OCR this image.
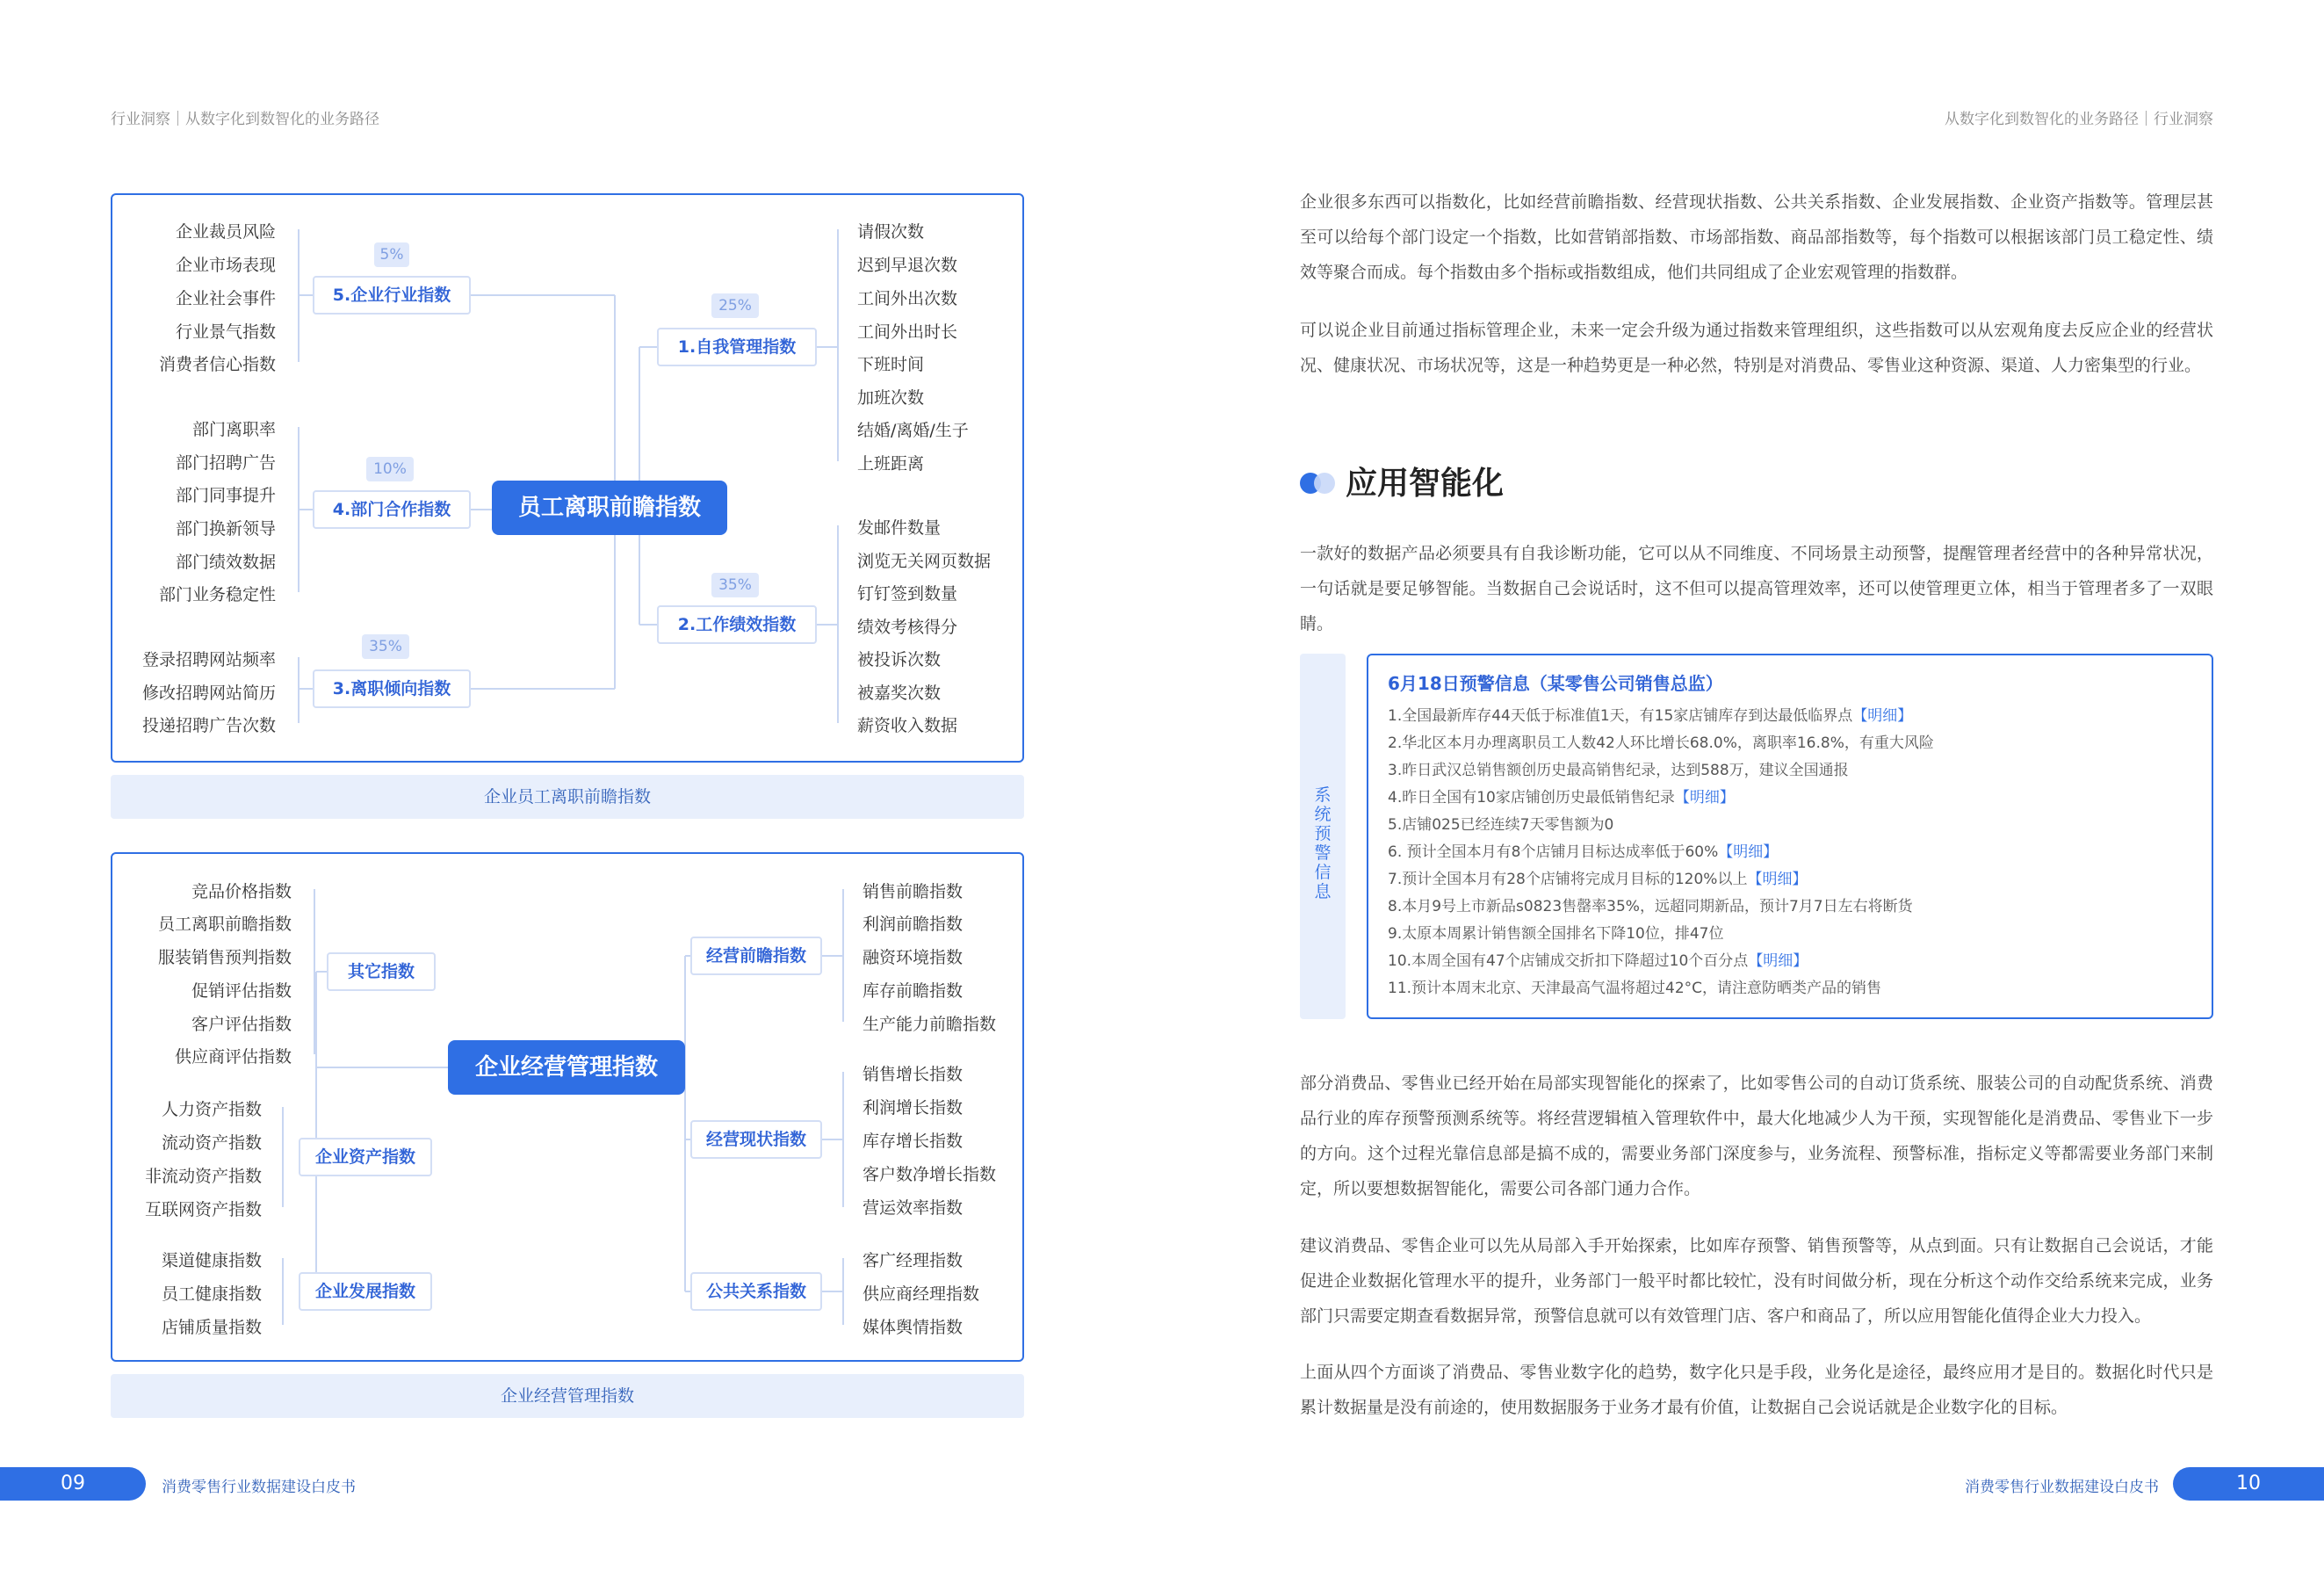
行业洞察｜从数字化到数智化的业务路径	从数字化到数智化的业务路径｜行业洞察
员工离职前瞻指数
5.企业行业指数
5%
4.部门合作指数
10%
3.离职倾向指数
35%
企业裁员风险
企业市场表现
企业社会事件
行业景气指数
消费者信心指数
部门离职率
部门招聘广告
部门同事提升
部门换新领导
部门绩效数据
部门业务稳定性
登录招聘网站频率
修改招聘网站简历
投递招聘广告次数
1.自我管理指数
25%
2.工作绩效指数
35%
请假次数
迟到早退次数
工间外出次数
工间外出时长
下班时间
加班次数
结婚/离婚/生子
上班距离
发邮件数量
浏览无关网页数据
钉钉签到数量
绩效考核得分
被投诉次数
被嘉奖次数
薪资收入数据
企业员工离职前瞻指数
企业经营管理指数
其它指数
企业资产指数
企业发展指数
竞品价格指数
员工离职前瞻指数
服装销售预判指数
促销评估指数
客户评估指数
供应商评估指数
人力资产指数
流动资产指数
非流动资产指数
互联网资产指数
渠道健康指数
员工健康指数
店铺质量指数
经营前瞻指数
经营现状指数
公共关系指数
销售前瞻指数
利润前瞻指数
融资环境指数
库存前瞻指数
生产能力前瞻指数
销售增长指数
利润增长指数
库存增长指数
客户数净增长指数
营运效率指数
客广经理指数
供应商经理指数
媒体舆情指数
企业经营管理指数
企业很多东西可以指数化，比如经营前瞻指数、经营现状指数、公共关系指数、企业发展指数、企业资产指数等。管理层甚至可以给每个部门设定一个指数，比如营销部指数、市场部指数、商品部指数等，每个指数可以根据该部门员工稳定性、绩效等聚合而成。每个指数由多个指标或指数组成，他们共同组成了企业宏观管理的指数群。
可以说企业目前通过指标管理企业，未来一定会升级为通过指数来管理组织，这些指数可以从宏观角度去反应企业的经营状况、健康状况、市场状况等，这是一种趋势更是一种必然，特别是对消费品、零售业这种资源、渠道、人力密集型的行业。
应用智能化
一款好的数据产品必须要具有自我诊断功能，它可以从不同维度、不同场景主动预警，提醒管理者经营中的各种异常状况，一句话就是要足够智能。当数据自己会说话时，这不但可以提高管理效率，还可以使管理更立体，相当于管理者多了一双眼睛。
系统预警信息
6月18日预警信息（某零售公司销售总监）
1.全国最新库存44天低于标准值1天，有15家店铺库存到达最低临界点【明细】
2.华北区本月办理离职员工人数42人环比增长68.0%，离职率16.8%，有重大风险
3.昨日武汉总销售额创历史最高销售纪录，达到588万，建议全国通报
4.昨日全国有10家店铺创历史最低销售纪录【明细】
5.店铺025已经连续7天零售额为0
6. 预计全国本月有8个店铺月目标达成率低于60%【明细】
7.预计全国本月有28个店铺将完成月目标的120%以上【明细】
8.本月9号上市新品s0823售罄率35%，远超同期新品，预计7月7日左右将断货
9.太原本周累计销售额全国排名下降10位，排47位
10.本周全国有47个店铺成交折扣下降超过10个百分点【明细】
11.预计本周末北京、天津最高气温将超过42°C，请注意防晒类产品的销售
部分消费品、零售业已经开始在局部实现智能化的探索了，比如零售公司的自动订货系统、服装公司的自动配货系统、消费品行业的库存预警预测系统等。将经营逻辑植入管理软件中，最大化地减少人为干预，实现智能化是消费品、零售业下一步的方向。这个过程光靠信息部是搞不成的，需要业务部门深度参与，业务流程、预警标准，指标定义等都需要业务部门来制定，所以要想数据智能化，需要公司各部门通力合作。
建议消费品、零售企业可以先从局部入手开始探索，比如库存预警、销售预警等，从点到面。只有让数据自己会说话，才能促进企业数据化管理水平的提升，业务部门一般平时都比较忙，没有时间做分析，现在分析这个动作交给系统来完成，业务部门只需要定期查看数据异常，预警信息就可以有效管理门店、客户和商品了，所以应用智能化值得企业大力投入。
上面从四个方面谈了消费品、零售业数字化的趋势，数字化只是手段，业务化是途径，最终应用才是目的。数据化时代只是累计数据量是没有前途的，使用数据服务于业务才最有价值，让数据自己会说话就是企业数字化的目标。
09	消费零售行业数据建设白皮书	消费零售行业数据建设白皮书	10
